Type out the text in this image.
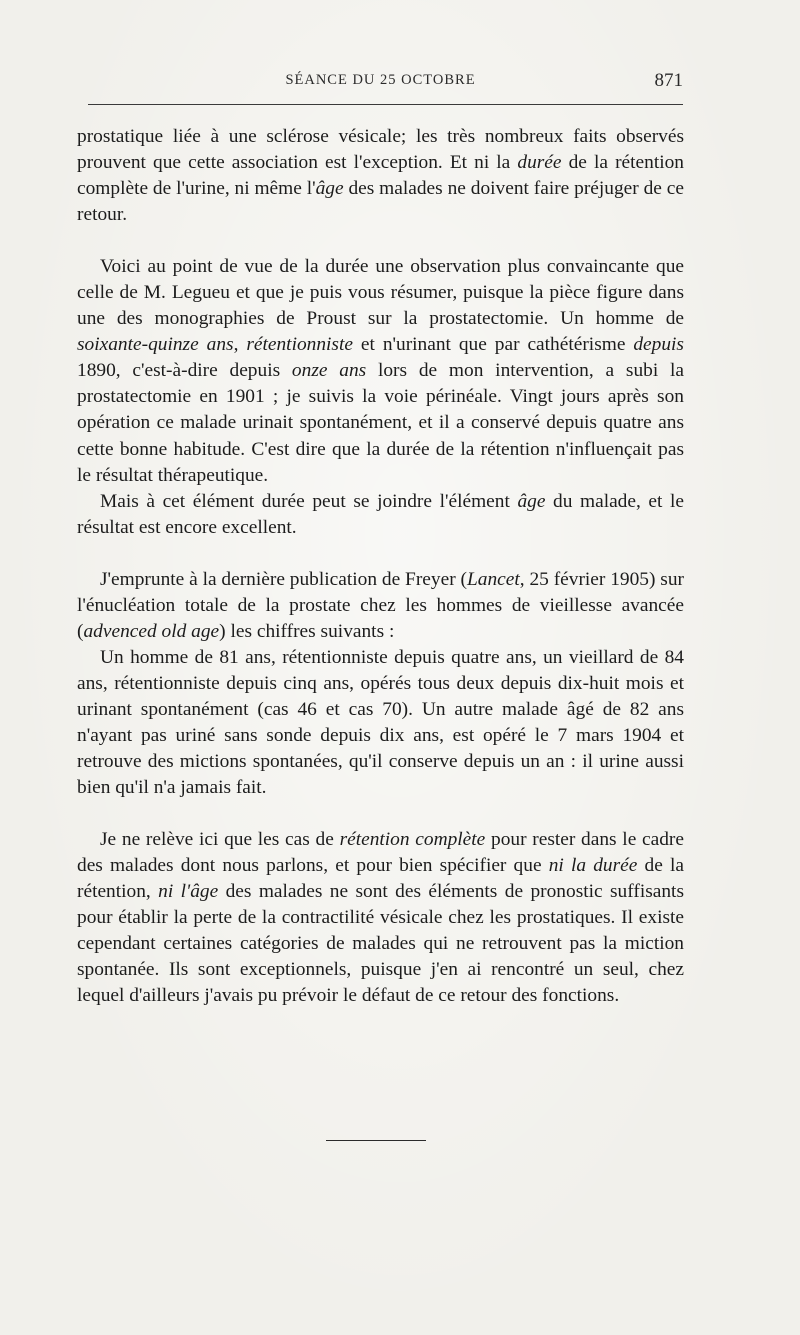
SÉANCE DU 25 OCTOBRE	871

prostatique liée à une sclérose vésicale; les très nombreux faits observés prouvent que cette association est l'exception. Et ni la durée de la rétention complète de l'urine, ni même l'âge des malades ne doivent faire préjuger de ce retour.

Voici au point de vue de la durée une observation plus convaincante que celle de M. Legueu et que je puis vous résumer, puisque la pièce figure dans une des monographies de Proust sur la prostatectomie. Un homme de soixante-quinze ans, rétentionniste et n'urinant que par cathétérisme depuis 1890, c'est-à-dire depuis onze ans lors de mon intervention, a subi la prostatectomie en 1901 ; je suivis la voie périnéale. Vingt jours après son opération ce malade urinait spontanément, et il a conservé depuis quatre ans cette bonne habitude. C'est dire que la durée de la rétention n'influençait pas le résultat thérapeutique.

Mais à cet élément durée peut se joindre l'élément âge du malade, et le résultat est encore excellent.

J'emprunte à la dernière publication de Freyer (Lancet, 25 février 1905) sur l'énucléation totale de la prostate chez les hommes de vieillesse avancée (advenced old age) les chiffres suivants :

Un homme de 81 ans, rétentionniste depuis quatre ans, un vieillard de 84 ans, rétentionniste depuis cinq ans, opérés tous deux depuis dix-huit mois et urinant spontanément (cas 46 et cas 70). Un autre malade âgé de 82 ans n'ayant pas uriné sans sonde depuis dix ans, est opéré le 7 mars 1904 et retrouve des mictions spontanées, qu'il conserve depuis un an : il urine aussi bien qu'il n'a jamais fait.

Je ne relève ici que les cas de rétention complète pour rester dans le cadre des malades dont nous parlons, et pour bien spécifier que ni la durée de la rétention, ni l'âge des malades ne sont des éléments de pronostic suffisants pour établir la perte de la contractilité vésicale chez les prostatiques. Il existe cependant certaines catégories de malades qui ne retrouvent pas la miction spontanée. Ils sont exceptionnels, puisque j'en ai rencontré un seul, chez lequel d'ailleurs j'avais pu prévoir le défaut de ce retour des fonctions.
